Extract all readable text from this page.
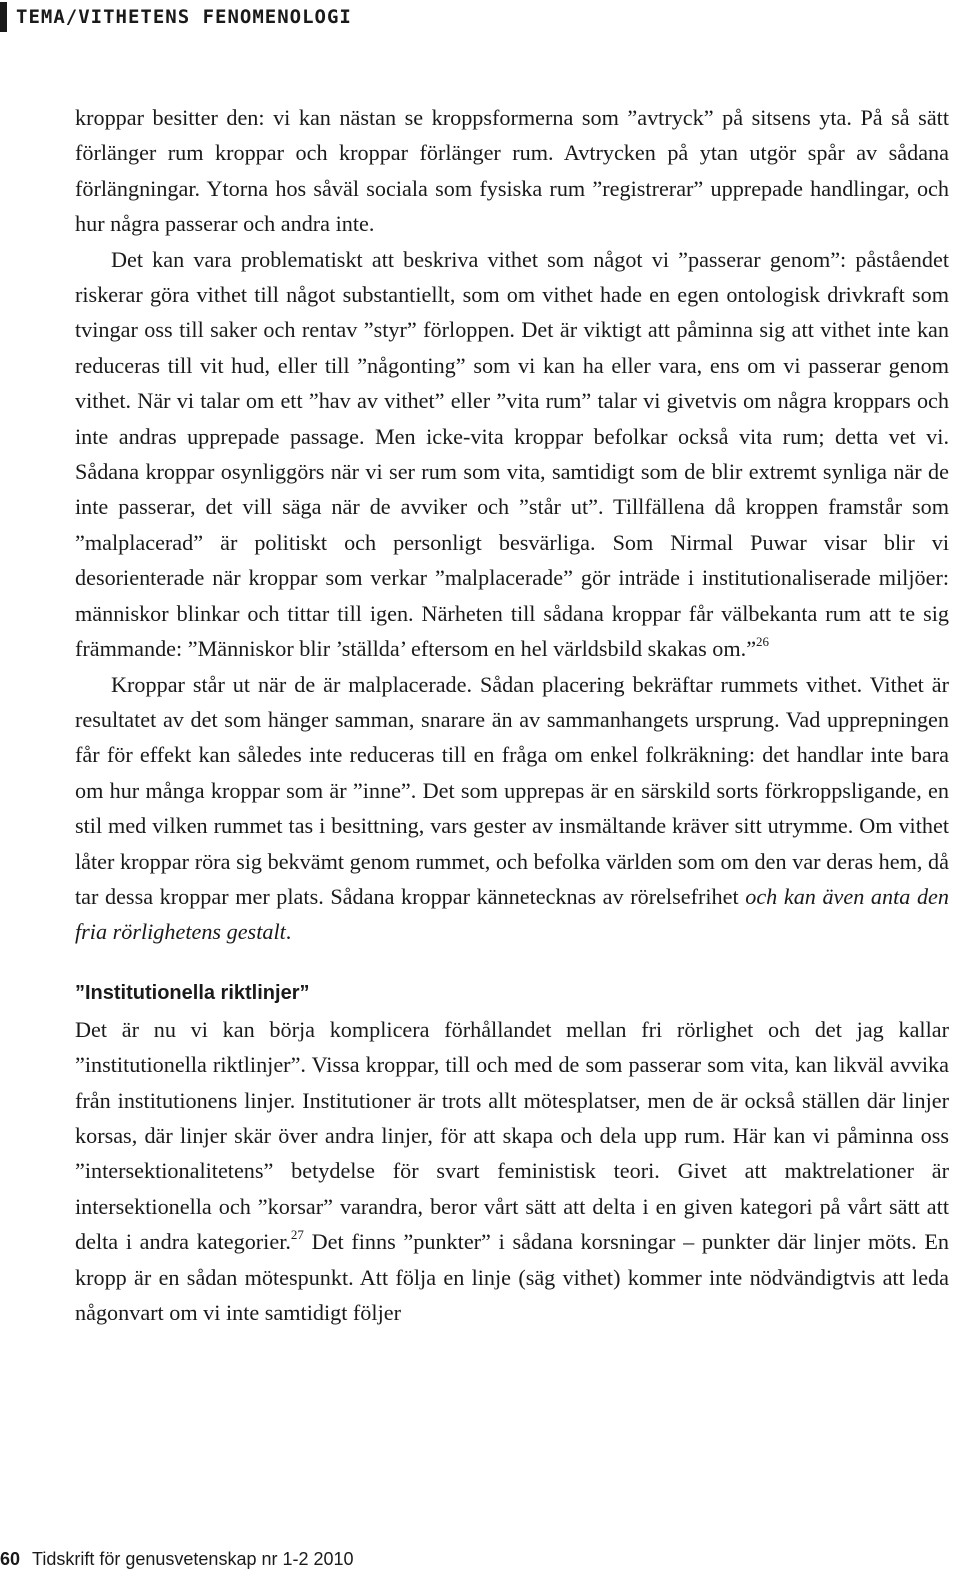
TEMA/VITHETENS FENOMENOLOGI

kroppar besitter den: vi kan nästan se kroppsformerna som ”avtryck” på sitsens yta. På så sätt förlänger rum kroppar och kroppar förlänger rum. Avtrycken på ytan utgör spår av sådana förlängningar. Ytorna hos såväl sociala som fysiska rum ”registrerar” upprepade handlingar, och hur några passerar och andra inte.

Det kan vara problematiskt att beskriva vithet som något vi ”passerar genom”: påståendet riskerar göra vithet till något substantiellt, som om vithet hade en egen ontologisk drivkraft som tvingar oss till saker och rentav ”styr” förloppen. Det är viktigt att påminna sig att vithet inte kan reduceras till vit hud, eller till ”någonting” som vi kan ha eller vara, ens om vi passerar genom vithet. När vi talar om ett ”hav av vithet” eller ”vita rum” talar vi givetvis om några kroppars och inte andras upprepade passage. Men icke-vita kroppar befolkar också vita rum; detta vet vi. Sådana kroppar osynliggörs när vi ser rum som vita, samtidigt som de blir extremt synliga när de inte passerar, det vill säga när de avviker och ”står ut”. Tillfällena då kroppen framstår som ”malplacerad” är politiskt och personligt besvärliga. Som Nirmal Puwar visar blir vi desorienterade när kroppar som verkar ”malplacerade” gör inträde i institutionaliserade miljöer: människor blinkar och tittar till igen. Närheten till sådana kroppar får välbekanta rum att te sig främmande: ”Människor blir ’ställda’ eftersom en hel världsbild skakas om.”$^{26}$

Kroppar står ut när de är malplacerade. Sådan placering bekräftar rummets vithet. Vithet är resultatet av det som hänger samman, snarare än av sammanhangets ursprung. Vad upprepningen får för effekt kan således inte reduceras till en fråga om enkel folkräkning: det handlar inte bara om hur många kroppar som är ”inne”. Det som upprepas är en särskild sorts förkroppsligande, en stil med vilken rummet tas i besittning, vars gester av insmältande kräver sitt utrymme. Om vithet låter kroppar röra sig bekvämt genom rummet, och befolka världen som om den var deras hem, då tar dessa kroppar mer plats. Sådana kroppar kännetecknas av rörelsefrihet och kan även anta den fria rörlighetens gestalt.

”Institutionella riktlinjer”

Det är nu vi kan börja komplicera förhållandet mellan fri rörlighet och det jag kallar ”institutionella riktlinjer”. Vissa kroppar, till och med de som passerar som vita, kan likväl avvika från institutionens linjer. Institutioner är trots allt mötesplatser, men de är också ställen där linjer korsas, där linjer skär över andra linjer, för att skapa och dela upp rum. Här kan vi påminna oss ”intersektionalitetens” betydelse för svart feministisk teori. Givet att maktrelationer är intersektionella och ”korsar” varandra, beror vårt sätt att delta i en given kategori på vårt sätt att delta i andra kategorier.$^{27}$ Det finns ”punkter” i sådana korsningar – punkter där linjer möts. En kropp är en sådan mötespunkt. Att följa en linje (säg vithet) kommer inte nödvändigtvis att leda någonvart om vi inte samtidigt följer

60 Tidskrift för genusvetenskap nr 1-2 2010
